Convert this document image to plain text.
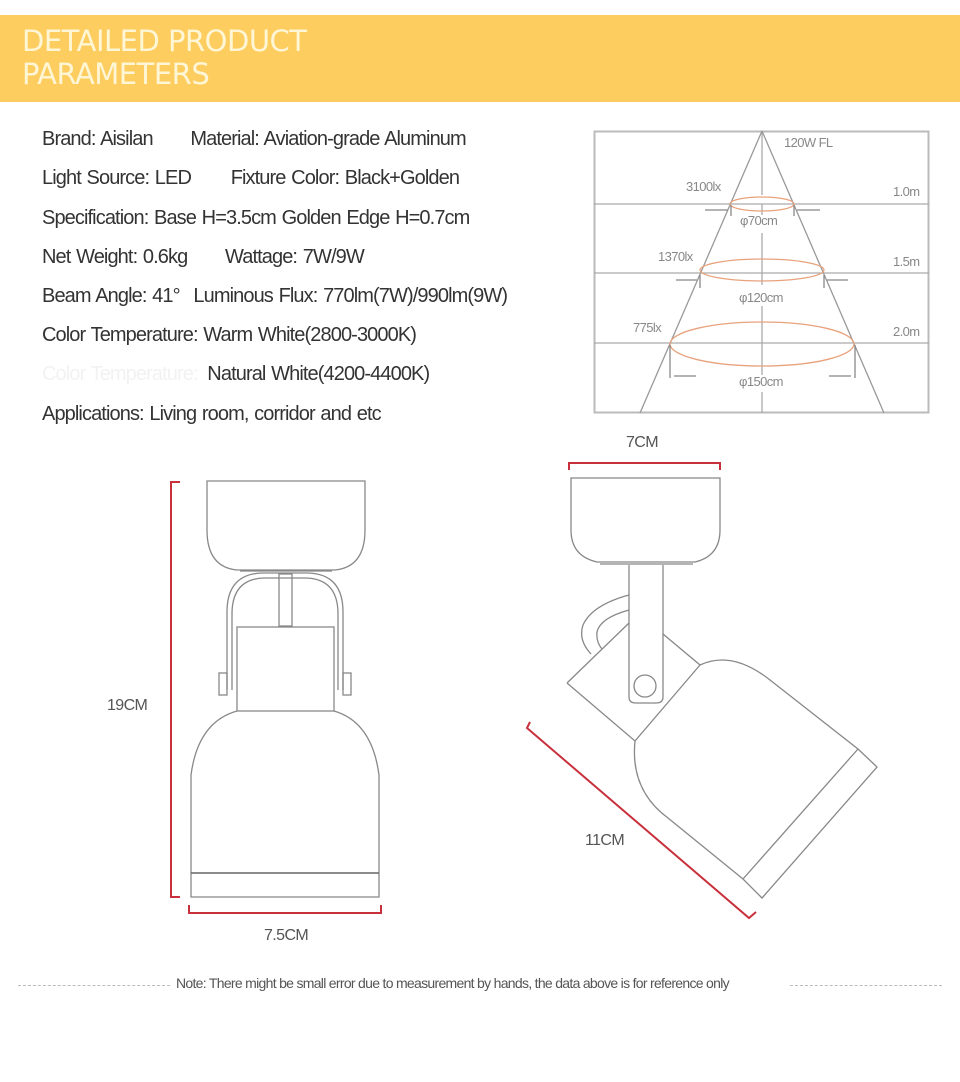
DETAILED PRODUCT
PARAMETERS
Brand: Aisilan Material: Aviation-grade Aluminum
Light Source: LED Fixture Color: Black+Golden
Specification: Base H=3.5cm Golden Edge H=0.7cm
Net Weight: 0.6kg Wattage: 7W/9W
Beam Angle: 41° Luminous Flux: 770lm(7W)/990lm(9W)
Color Temperature: Warm White(2800-3000K)
Color Temperature: Natural White(4200-4400K)
Applications: Living room, corridor and etc
120W FL
3100lx	1.0m
φ70cm
1370lx	1.5m
φ120cm
775lx	2.0m
φ150cm
19CM
7.5CM
7CM
11CM
Note: There might be small error due to measurement by hands, the data above is for reference only
